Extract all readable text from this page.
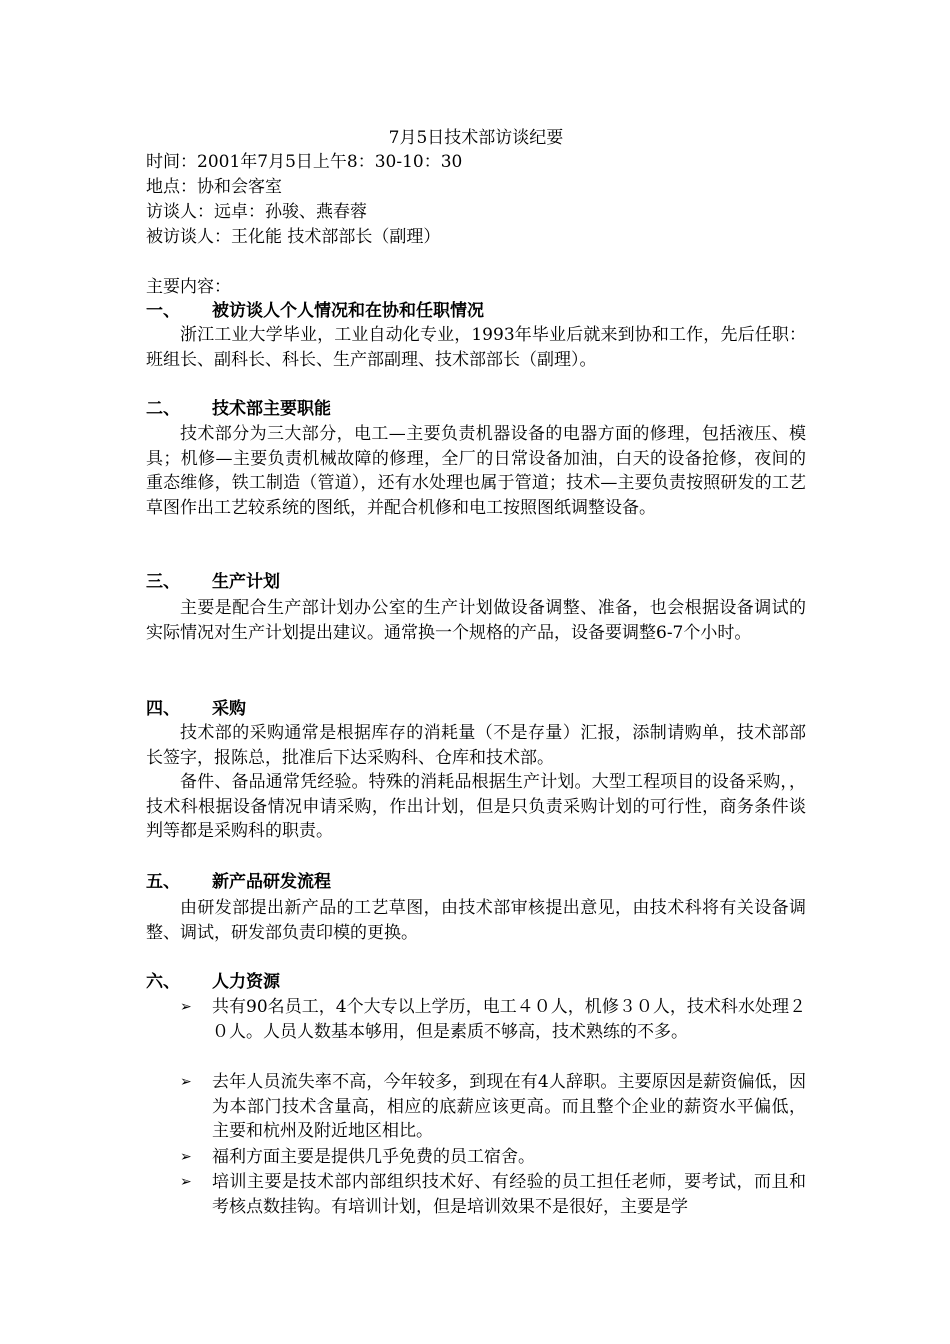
7月5日技术部访谈纪要
时间：2001年7月5日上午8：30-10：30
地点：协和会客室
访谈人：远卓：孙骏、燕春蓉
被访谈人：王化能 技术部部长（副理）
主要内容：
一、 被访谈人个人情况和在协和任职情况
浙江工业大学毕业，工业自动化专业，1993年毕业后就来到协和工作，先后任职：班组长、副科长、科长、生产部副理、技术部部长（副理）。
二、 技术部主要职能
技术部分为三大部分，电工—主要负责机器设备的电器方面的修理，包括液压、模具；机修—主要负责机械故障的修理，全厂的日常设备加油，白天的设备抢修，夜间的重态维修，铁工制造（管道），还有水处理也属于管道；技术—主要负责按照研发的工艺草图作出工艺较系统的图纸，并配合机修和电工按照图纸调整设备。
三、 生产计划
主要是配合生产部计划办公室的生产计划做设备调整、准备，也会根据设备调试的实际情况对生产计划提出建议。通常换一个规格的产品，设备要调整6-7个小时。
四、 采购
技术部的采购通常是根据库存的消耗量（不是存量）汇报，添制请购单，技术部部长签字，报陈总，批准后下达采购科、仓库和技术部。
备件、备品通常凭经验。特殊的消耗品根据生产计划。大型工程项目的设备采购，，技术科根据设备情况申请采购，作出计划，但是只负责采购计划的可行性，商务条件谈判等都是采购科的职责。
五、 新产品研发流程
由研发部提出新产品的工艺草图，由技术部审核提出意见，由技术科将有关设备调整、调试，研发部负责印模的更换。
六、 人力资源
➢ 共有90名员工，4个大专以上学历，电工４０人，机修３０人，技术科水处理２０人。人员人数基本够用，但是素质不够高，技术熟练的不多。
➢ 去年人员流失率不高，今年较多，到现在有4人辞职。主要原因是薪资偏低，因为本部门技术含量高，相应的底薪应该更高。而且整个企业的薪资水平偏低，主要和杭州及附近地区相比。
➢ 福利方面主要是提供几乎免费的员工宿舍。
➢ 培训主要是技术部内部组织技术好、有经验的员工担任老师，要考试，而且和考核点数挂钩。有培训计划，但是培训效果不是很好，主要是学
